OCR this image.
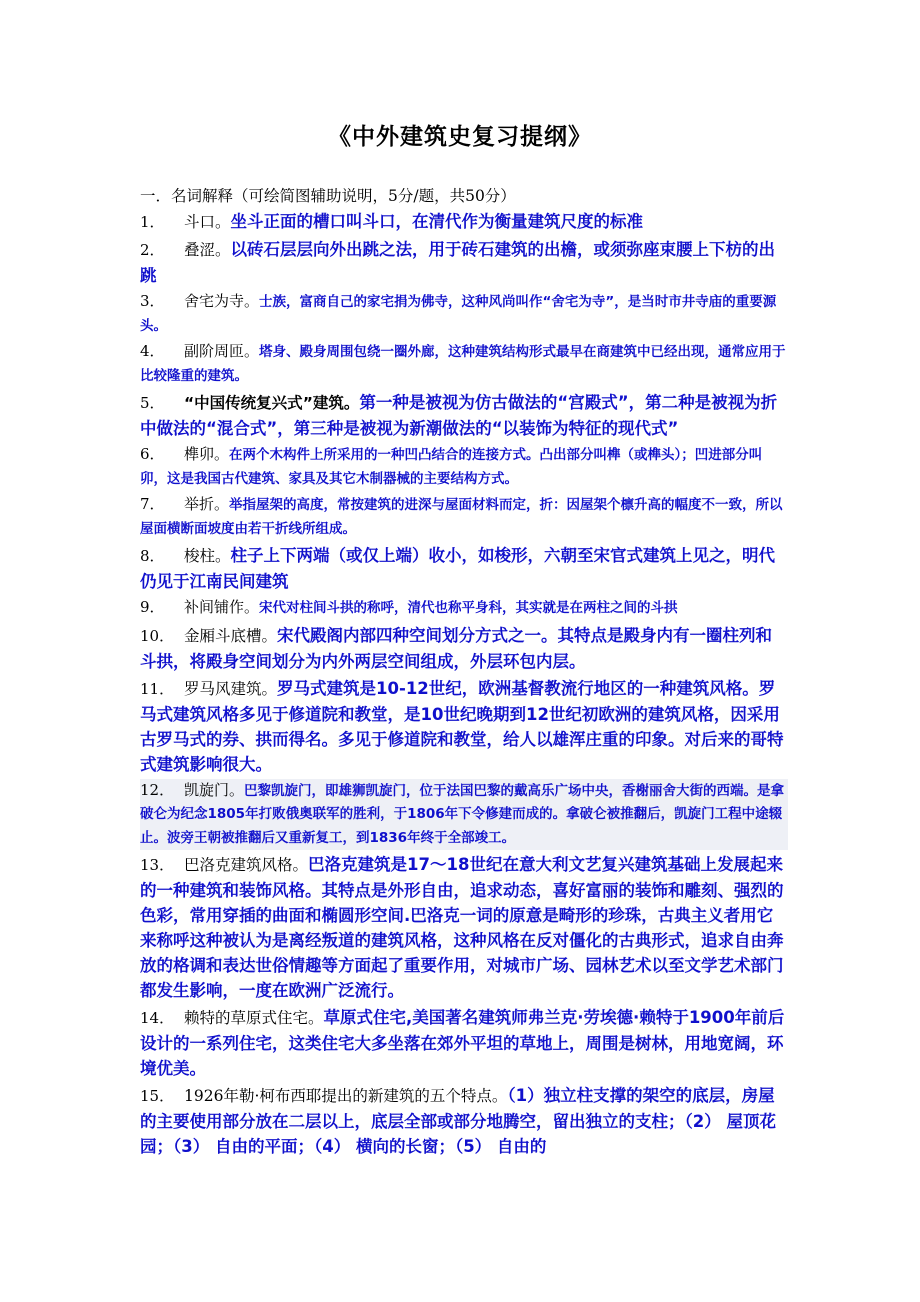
《中外建筑史复习提纲》
一．名词解释（可绘简图辅助说明，5分/题，共50分）
1． 斗口。坐斗正面的槽口叫斗口，在清代作为衡量建筑尺度的标准
2． 叠涩。以砖石层层向外出跳之法，用于砖石建筑的出檐，或须弥座束腰上下枋的出跳
3． 舍宅为寺。士族，富商自己的家宅捐为佛寺，这种风尚叫作“舍宅为寺”，是当时市井寺庙的重要源头。
4． 副阶周匝。塔身、殿身周围包绕一圈外廊，这种建筑结构形式最早在商建筑中已经出现，通常应用于比较隆重的建筑。
5． “中国传统复兴式”建筑。第一种是被视为仿古做法的“宫殿式”，第二种是被视为折中做法的“混合式”，第三种是被视为新潮做法的“以装饰为特征的现代式”
6． 榫卯。在两个木构件上所采用的一种凹凸结合的连接方式。凸出部分叫榫（或榫头）；凹进部分叫卯，这是我国古代建筑、家具及其它木制器械的主要结构方式。
7． 举折。举指屋架的高度，常按建筑的进深与屋面材料而定，折：因屋架个檩升高的幅度不一致，所以屋面横断面坡度由若干折线所组成。
8． 梭柱。柱子上下两端（或仅上端）收小，如梭形，六朝至宋官式建筑上见之，明代仍见于江南民间建筑
9． 补间铺作。宋代对柱间斗拱的称呼，清代也称平身科，其实就是在两柱之间的斗拱
10． 金厢斗底槽。宋代殿阁内部四种空间划分方式之一。其特点是殿身内有一圈柱列和斗拱，将殿身空间划分为内外两层空间组成，外层环包内层。
11． 罗马风建筑。罗马式建筑是10-12世纪，欧洲基督教流行地区的一种建筑风格。罗马式建筑风格多见于修道院和教堂，是10世纪晚期到12世纪初欧洲的建筑风格，因采用古罗马式的券、拱而得名。多见于修道院和教堂，给人以雄浑庄重的印象。对后来的哥特式建筑影响很大。
12． 凯旋门。巴黎凯旋门，即雄狮凯旋门，位于法国巴黎的戴高乐广场中央，香榭丽舍大街的西端。是拿破仑为纪念1805年打败俄奥联军的胜利，于1806年下令修建而成的。拿破仑被推翻后，凯旋门工程中途辍止。波旁王朝被推翻后又重新复工，到1836年终于全部竣工。
13． 巴洛克建筑风格。巴洛克建筑是17～18世纪在意大利文艺复兴建筑基础上发展起来的一种建筑和装饰风格。其特点是外形自由，追求动态，喜好富丽的装饰和雕刻、强烈的色彩，常用穿插的曲面和椭圆形空间.巴洛克一词的原意是畸形的珍珠，古典主义者用它来称呼这种被认为是离经叛道的建筑风格，这种风格在反对僵化的古典形式，追求自由奔放的格调和表达世俗情趣等方面起了重要作用，对城市广场、园林艺术以至文学艺术部门都发生影响，一度在欧洲广泛流行。
14． 赖特的草原式住宅。草原式住宅,美国著名建筑师弗兰克·劳埃德·赖特于1900年前后设计的一系列住宅，这类住宅大多坐落在郊外平坦的草地上，周围是树林，用地宽阔，环境优美。
15． 1926年勒·柯布西耶提出的新建筑的五个特点。（1）独立柱支撑的架空的底层，房屋的主要使用部分放在二层以上，底层全部或部分地腾空，留出独立的支柱；（2） 屋顶花园；（3） 自由的平面；（4） 横向的长窗；（5） 自由的
